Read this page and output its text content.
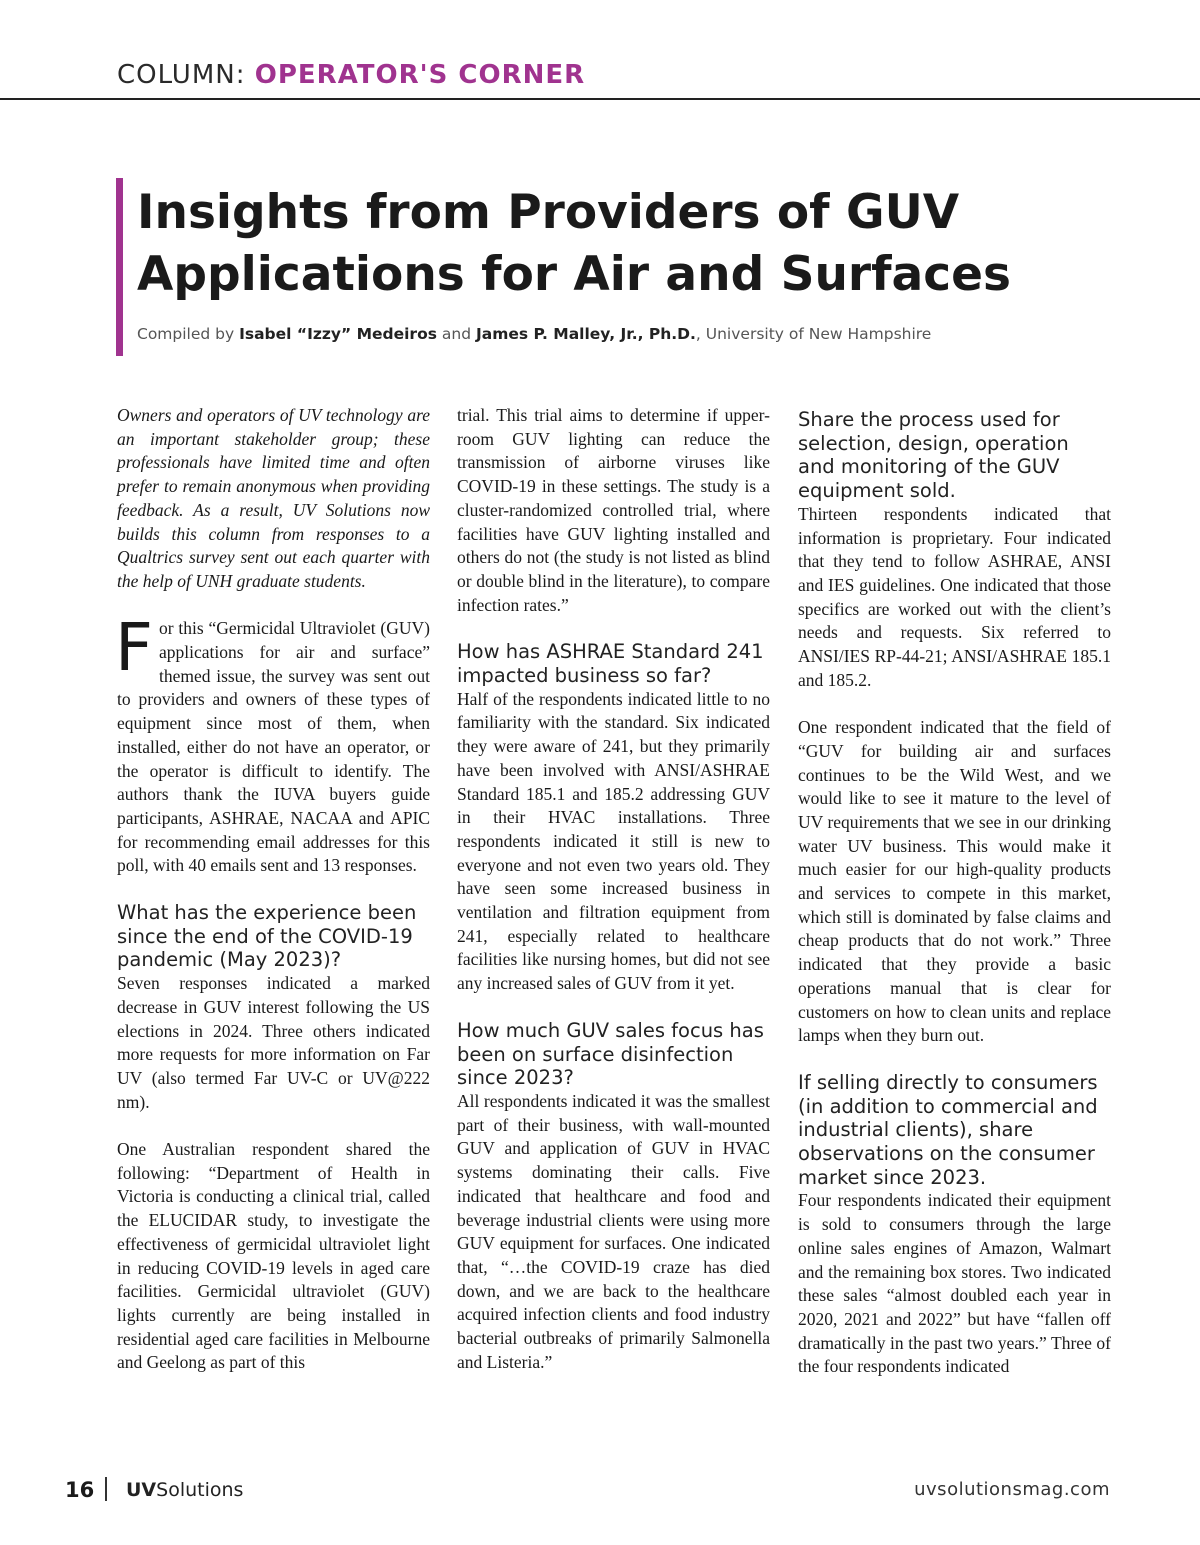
COLUMN: OPERATOR'S CORNER
Insights from Providers of GUV Applications for Air and Surfaces
Compiled by Isabel “Izzy” Medeiros and James P. Malley, Jr., Ph.D., University of New Hampshire

Owners and operators of UV technology are an important stakeholder group; these professionals have limited time and often prefer to remain anonymous when providing feedback. As a result, UV Solutions now builds this column from responses to a Qualtrics survey sent out each quarter with the help of UNH graduate students.

For this “Germicidal Ultraviolet (GUV) applications for air and surface” themed issue, the survey was sent out to providers and owners of these types of equipment since most of them, when installed, either do not have an operator, or the operator is difficult to identify. The authors thank the IUVA buyers guide participants, ASHRAE, NACAA and APIC for recommending email addresses for this poll, with 40 emails sent and 13 responses.

What has the experience been since the end of the COVID-19 pandemic (May 2023)?

Seven responses indicated a marked decrease in GUV interest following the US elections in 2024. Three others indicated more requests for more information on Far UV (also termed Far UV-C or UV@222 nm).

One Australian respondent shared the following: “Department of Health in Victoria is conducting a clinical trial, called the ELUCIDAR study, to investigate the effectiveness of germicidal ultraviolet light in reducing COVID-19 levels in aged care facilities. Germicidal ultraviolet (GUV) lights currently are being installed in residential aged care facilities in Melbourne and Geelong as part of this

trial. This trial aims to determine if upper-room GUV lighting can reduce the transmission of airborne viruses like COVID-19 in these settings. The study is a cluster-randomized controlled trial, where facilities have GUV lighting installed and others do not (the study is not listed as blind or double blind in the literature), to compare infection rates.”

How has ASHRAE Standard 241 impacted business so far?

Half of the respondents indicated little to no familiarity with the standard. Six indicated they were aware of 241, but they primarily have been involved with ANSI/ASHRAE Standard 185.1 and 185.2 addressing GUV in their HVAC installations. Three respondents indicated it still is new to everyone and not even two years old. They have seen some increased business in ventilation and filtration equipment from 241, especially related to healthcare facilities like nursing homes, but did not see any increased sales of GUV from it yet.

How much GUV sales focus has been on surface disinfection since 2023?

All respondents indicated it was the smallest part of their business, with wall-mounted GUV and application of GUV in HVAC systems dominating their calls. Five indicated that healthcare and food and beverage industrial clients were using more GUV equipment for surfaces. One indicated that, “…the COVID-19 craze has died down, and we are back to the healthcare acquired infection clients and food industry bacterial outbreaks of primarily Salmonella and Listeria.”

Share the process used for selection, design, operation and monitoring of the GUV equipment sold.

Thirteen respondents indicated that information is proprietary. Four indicated that they tend to follow ASHRAE, ANSI and IES guidelines. One indicated that those specifics are worked out with the client’s needs and requests. Six referred to ANSI/IES RP-44-21; ANSI/ASHRAE 185.1 and 185.2.

One respondent indicated that the field of “GUV for building air and surfaces continues to be the Wild West, and we would like to see it mature to the level of UV requirements that we see in our drinking water UV business. This would make it much easier for our high-quality products and services to compete in this market, which still is dominated by false claims and cheap products that do not work.” Three indicated that they provide a basic operations manual that is clear for customers on how to clean units and replace lamps when they burn out.

If selling directly to consumers (in addition to commercial and industrial clients), share observations on the consumer market since 2023.

Four respondents indicated their equipment is sold to consumers through the large online sales engines of Amazon, Walmart and the remaining box stores. Two indicated these sales “almost doubled each year in 2020, 2021 and 2022” but have “fallen off dramatically in the past two years.” Three of the four respondents indicated

16 UVSolutions	uvsolutionsmag.com
